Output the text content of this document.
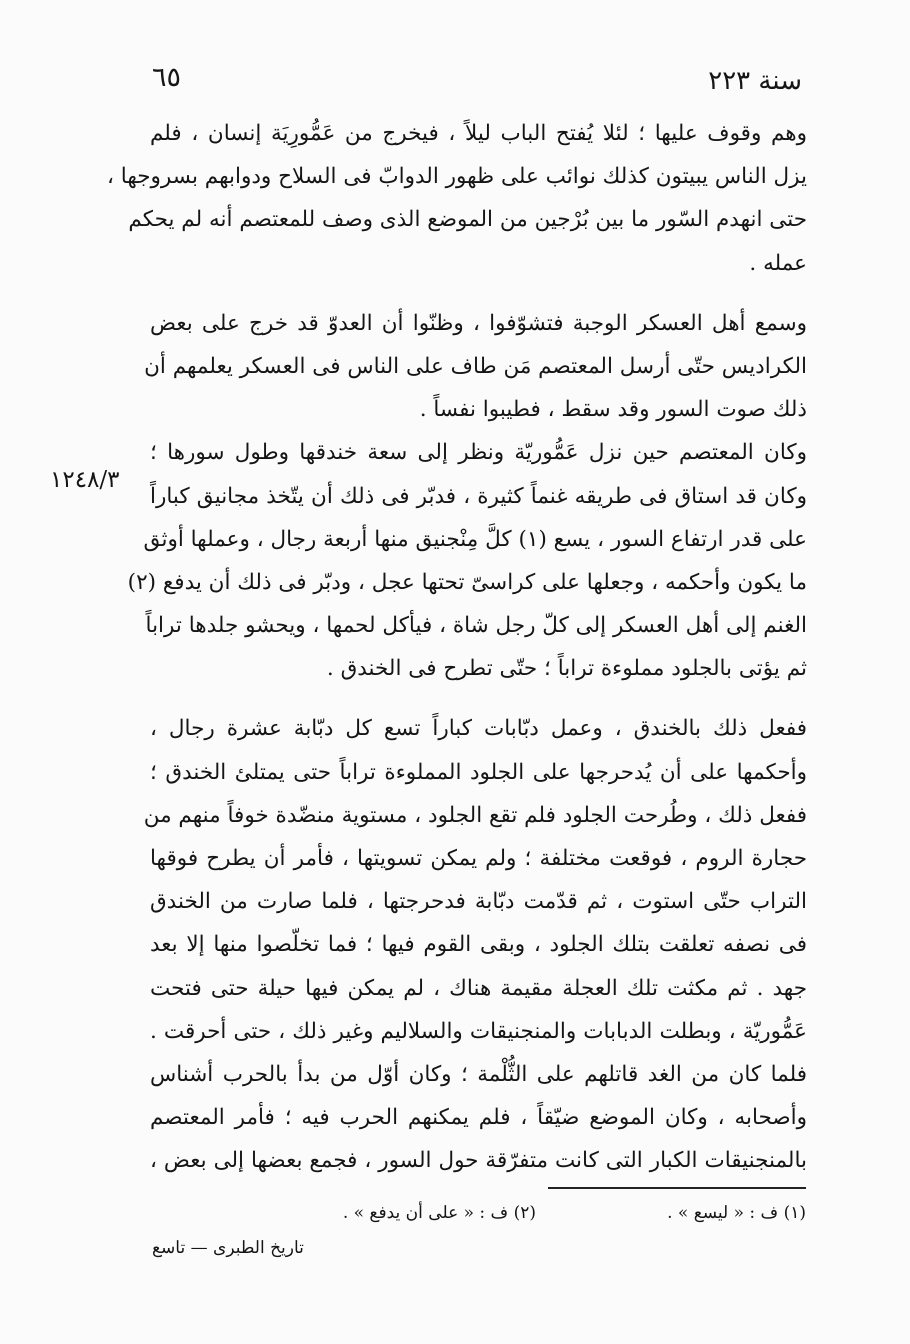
٦٥	سنة ٢٢٣
١٢٤٨/٣
وهم وقوف عليها ؛ لئلا يُفتح الباب ليلاً ، فيخرج من عَمُّورِيَة إنسان ، فلم
يزل الناس يبيتون كذلك نوائب على ظهور الدوابّ فى السلاح ودوابهم بسروجها ،
حتى انهدم السّور ما بين بُرْجين من الموضع الذى وصف للمعتصم أنه لم يحكم
عمله .
وسمع أهل العسكر الوجبة فتشوّفوا ، وظنّوا أن العدوّ قد خرج على بعض
الكراديس حتّى أرسل المعتصم مَن طاف على الناس فى العسكر يعلمهم أن
ذلك صوت السور وقد سقط ، فطيبوا نفساً .
وكان المعتصم حين نزل عَمُّوريّة ونظر إلى سعة خندقها وطول سورها ؛
وكان قد استاق فى طريقه غنماً كثيرة ، فدبّر فى ذلك أن يتّخذ مجانيق كباراً
على قدر ارتفاع السور ، يسع (١) كلَّ مِنْجنيق منها أربعة رجال ، وعملها أوثق
ما يكون وأحكمه ، وجعلها على كراسىّ تحتها عجل ، ودبّر فى ذلك أن يدفع (٢)
الغنم إلى أهل العسكر إلى كلّ رجل شاة ، فيأكل لحمها ، ويحشو جلدها تراباً
ثم يؤتى بالجلود مملوءة تراباً ؛ حتّى تطرح فى الخندق .
ففعل ذلك بالخندق ، وعمل دبّابات كباراً تسع كل دبّابة عشرة رجال ،
وأحكمها على أن يُدحرجها على الجلود المملوءة تراباً حتى يمتلئ الخندق ؛
ففعل ذلك ، وطُرحت الجلود فلم تقع الجلود ، مستوية منضّدة خوفاً منهم من
حجارة الروم ، فوقعت مختلفة ؛ ولم يمكن تسويتها ، فأمر أن يطرح فوقها
التراب حتّى استوت ، ثم قدّمت دبّابة فدحرجتها ، فلما صارت من الخندق
فى نصفه تعلقت بتلك الجلود ، وبقى القوم فيها ؛ فما تخلّصوا منها إلا بعد
جهد . ثم مكثت تلك العجلة مقيمة هناك ، لم يمكن فيها حيلة حتى فتحت
عَمُّوريّة ، وبطلت الدبابات والمنجنيقات والسلاليم وغير ذلك ، حتى أحرقت .
فلما كان من الغد قاتلهم على الثُّلْمة ؛ وكان أوّل من بدأ بالحرب أشناس
وأصحابه ، وكان الموضع ضيّقاً ، فلم يمكنهم الحرب فيه ؛ فأمر المعتصم
بالمنجنيقات الكبار التى كانت متفرّقة حول السور ، فجمع بعضها إلى بعض ،
(١) ف : « ليسع » .
(٢) ف : « على أن يدفع » .
تاريخ الطبرى — تاسع
